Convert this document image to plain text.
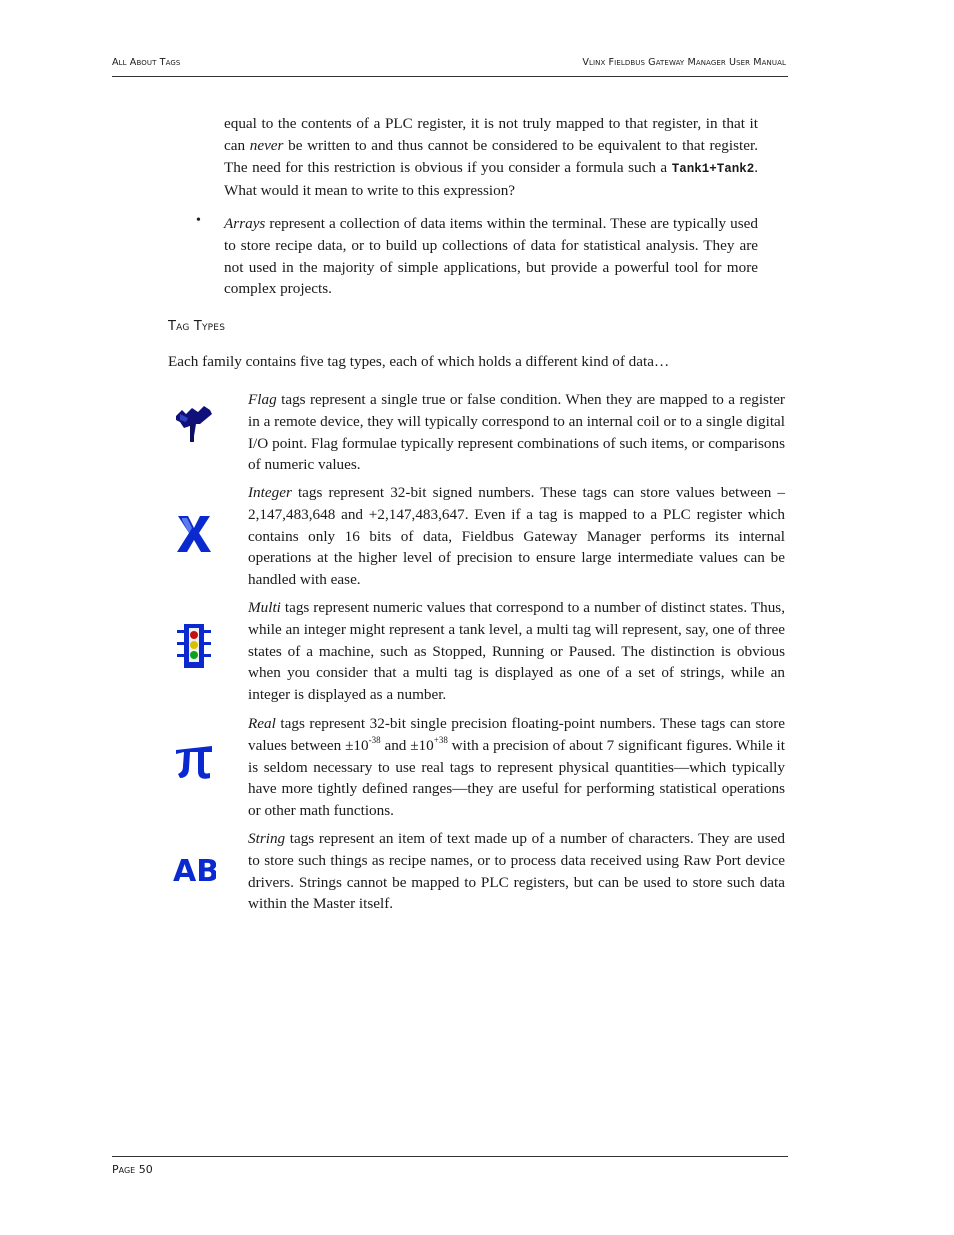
All About Tags	Vlinx Fieldbus Gateway Manager User Manual

equal to the contents of a PLC register, it is not truly mapped to that register, in that it can never be written to and thus cannot be considered to be equivalent to that register. The need for this restriction is obvious if you consider a formula such a Tank1+Tank2. What would it mean to write to this expression?

• Arrays represent a collection of data items within the terminal. These are typically used to store recipe data, or to build up collections of data for statistical analysis. They are not used in the majority of simple applications, but provide a powerful tool for more complex projects.

Tag Types

Each family contains five tag types, each of which holds a different kind of data…

Flag tags represent a single true or false condition. When they are mapped to a register in a remote device, they will typically correspond to an internal coil or to a single digital I/O point. Flag formulae typically represent combinations of such items, or comparisons of numeric values.

Integer tags represent 32-bit signed numbers. These tags can store values between –2,147,483,648 and +2,147,483,647. Even if a tag is mapped to a PLC register which contains only 16 bits of data, Fieldbus Gateway Manager performs its internal operations at the higher level of precision to ensure large intermediate values can be handled with ease.

Multi tags represent numeric values that correspond to a number of distinct states. Thus, while an integer might represent a tank level, a multi tag will represent, say, one of three states of a machine, such as Stopped, Running or Paused. The distinction is obvious when you consider that a multi tag is displayed as one of a set of strings, while an integer is displayed as a number.

Real tags represent 32-bit single precision floating-point numbers. These tags can store values between $\pm 10^{-38}$ and $\pm 10^{+38}$ with a precision of about 7 significant figures. While it is seldom necessary to use real tags to represent physical quantities—which typically have more tightly defined ranges—they are useful for performing statistical operations or other math functions.

AB

String tags represent an item of text made up of a number of characters. They are used to store such things as recipe names, or to process data received using Raw Port device drivers. Strings cannot be mapped to PLC registers, but can be used to store such data within the Master itself.

Page 50
